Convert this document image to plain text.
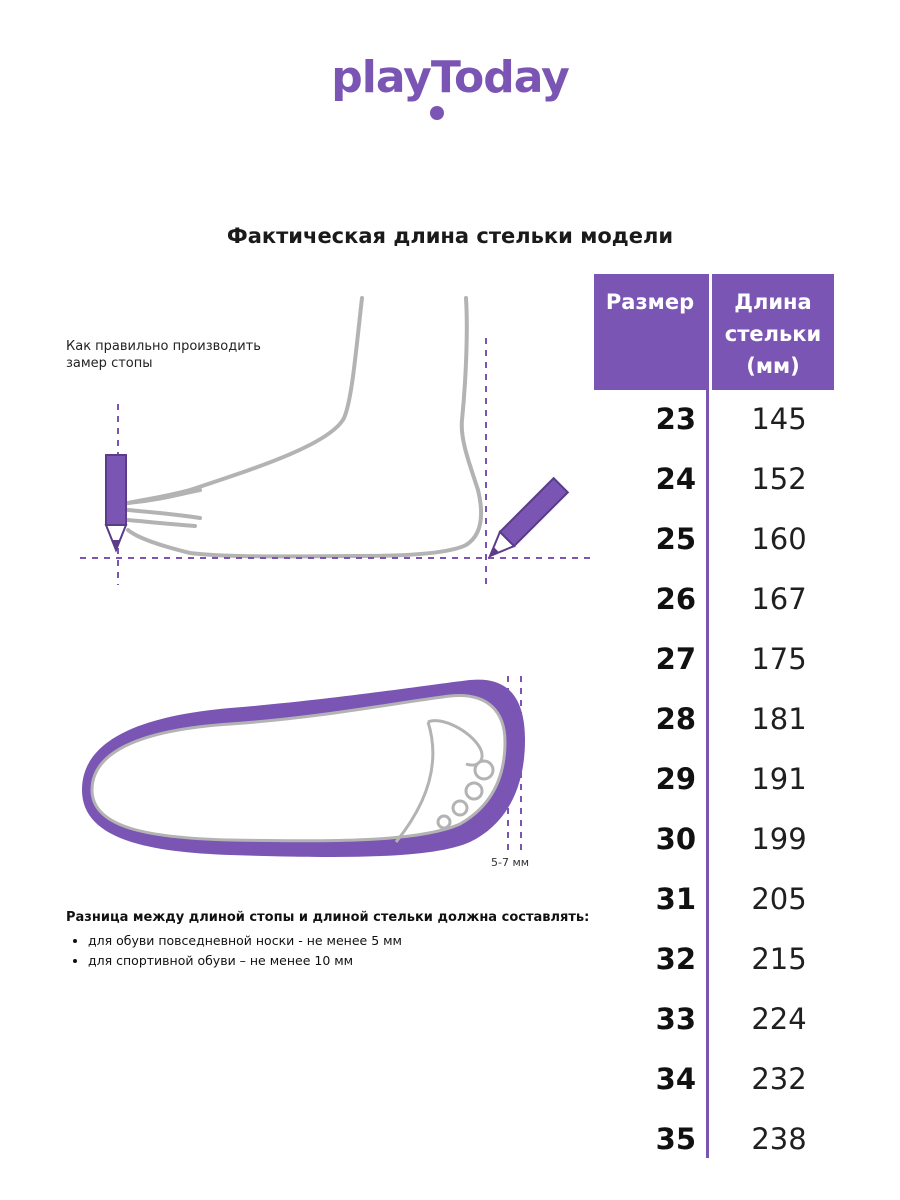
playToday
Фактическая длина стельки модели
Как правильно производить
замер стопы
5-7 мм
Разница между длиной стопы и длиной стельки должна составлять:
• для обуви повседневной носки - не менее 5 мм
• для спортивной обуви – не менее 10 мм
Размер	Длина
стельки
(мм)
23	145
24	152
25	160
26	167
27	175
28	181
29	191
30	199
31	205
32	215
33	224
34	232
35	238
